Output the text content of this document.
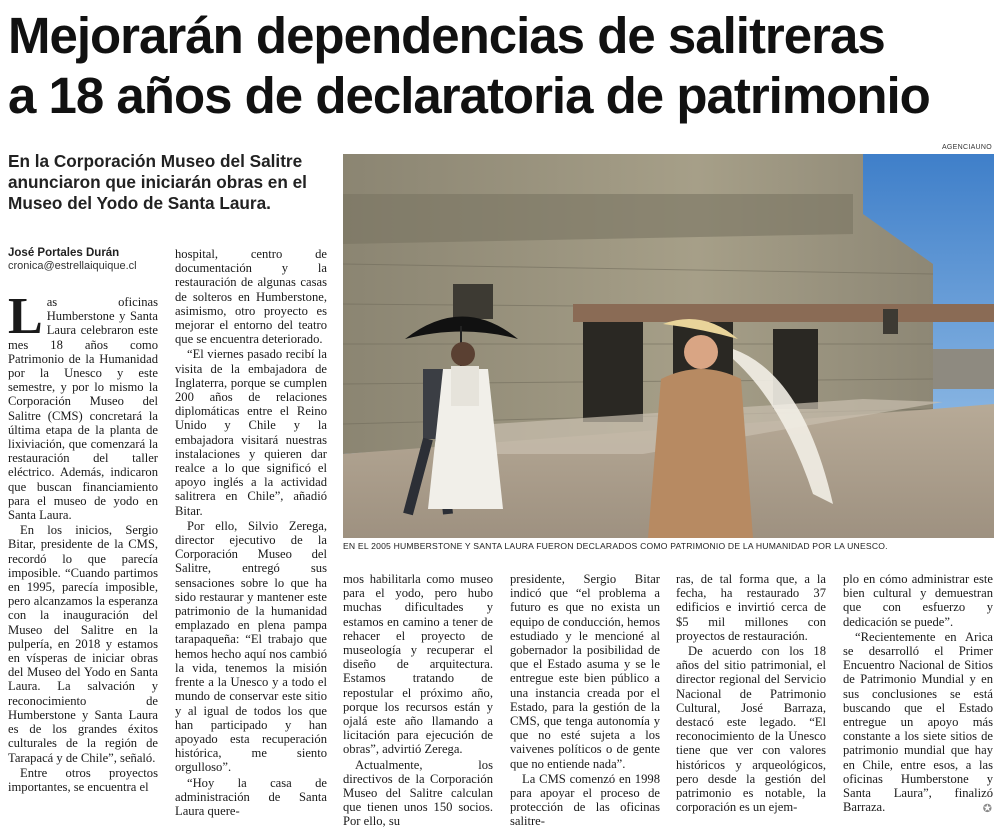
Mejorarán dependencias de salitreras
a 18 años de declaratoria de patrimonio
En la Corporación Museo del Salitre anunciaron que iniciarán obras en el Museo del Yodo de Santa Laura.
José Portales Durán
cronica@estrellaiquique.cl

Las oficinas Humberstone y Santa Laura celebraron este mes 18 años como Patrimonio de la Humanidad por la Unesco y este semestre, y por lo mismo la Corporación Museo del Salitre (CMS) concretará la última etapa de la planta de lixiviación, que comenzará la restauración del taller eléctrico. Además, indicaron que buscan financiamiento para el museo de yodo en Santa Laura.

En los inicios, Sergio Bitar, presidente de la CMS, recordó lo que parecía imposible. “Cuando partimos en 1995, parecía imposible, pero alcanzamos la esperanza con la inauguración del Museo del Salitre en la pulpería, en 2018 y estamos en vísperas de iniciar obras del Museo del Yodo en Santa Laura. La salvación y reconocimiento de Humberstone y Santa Laura es de los grandes éxitos culturales de la región de Tarapacá y de Chile”, señaló.

Entre otros proyectos importantes, se encuentra el

hospital, centro de documentación y la restauración de algunas casas de solteros en Humberstone, asimismo, otro proyecto es mejorar el entorno del teatro que se encuentra deteriorado.

“El viernes pasado recibí la visita de la embajadora de Inglaterra, porque se cumplen 200 años de relaciones diplomáticas entre el Reino Unido y Chile y la embajadora visitará nuestras instalaciones y quieren dar realce a lo que significó el apoyo inglés a la actividad salitrera en Chile”, añadió Bitar.

Por ello, Silvio Zerega, director ejecutivo de la Corporación Museo del Salitre, entregó sus sensaciones sobre lo que ha sido restaurar y mantener este patrimonio de la humanidad emplazado en plena pampa tarapaqueña: “El trabajo que hemos hecho aquí nos cambió la vida, tenemos la misión frente a la Unesco y a todo el mundo de conservar este sitio y al igual de todos los que han participado y han apoyado esta recuperación histórica, me siento orgulloso”.

“Hoy la casa de administración de Santa Laura quere-

AGENCIAUNO
EN EL 2005 HUMBERSTONE Y SANTA LAURA FUERON DECLARADOS COMO PATRIMONIO DE LA HUMANIDAD POR LA UNESCO.

mos habilitarla como museo para el yodo, pero hubo muchas dificultades y estamos en camino a tener de rehacer el proyecto de museología y recuperar el diseño de arquitectura. Estamos tratando de repostular el próximo año, porque los recursos están y ojalá este año llamando a licitación para ejecución de obras”, advirtió Zerega.

Actualmente, los directivos de la Corporación Museo del Salitre calculan que tienen unos 150 socios. Por ello, su

presidente, Sergio Bitar indicó que “el problema a futuro es que no exista un equipo de conducción, hemos estudiado y le mencioné al gobernador la posibilidad de que el Estado asuma y se le entregue este bien público a una instancia creada por el Estado, para la gestión de la CMS, que tenga autonomía y que no esté sujeta a los vaivenes políticos o de gente que no entiende nada”.

La CMS comenzó en 1998 para apoyar el proceso de protección de las oficinas salitre-

ras, de tal forma que, a la fecha, ha restaurado 37 edificios e invirtió cerca de $5 mil millones con proyectos de restauración.

De acuerdo con los 18 años del sitio patrimonial, el director regional del Servicio Nacional de Patrimonio Cultural, José Barraza, destacó este legado. “El reconocimiento de la Unesco tiene que ver con valores históricos y arqueológicos, pero desde la gestión del patrimonio es notable, la corporación es un ejem-

plo en cómo administrar este bien cultural y demuestran que con esfuerzo y dedicación se puede”.

“Recientemente en Arica se desarrolló el Primer Encuentro Nacional de Sitios de Patrimonio Mundial y en sus conclusiones se está buscando que el Estado entregue un apoyo más constante a los siete sitios de patrimonio mundial que hay en Chile, entre esos, a las oficinas Humberstone y Santa Laura”, finalizó Barraza.	✪
